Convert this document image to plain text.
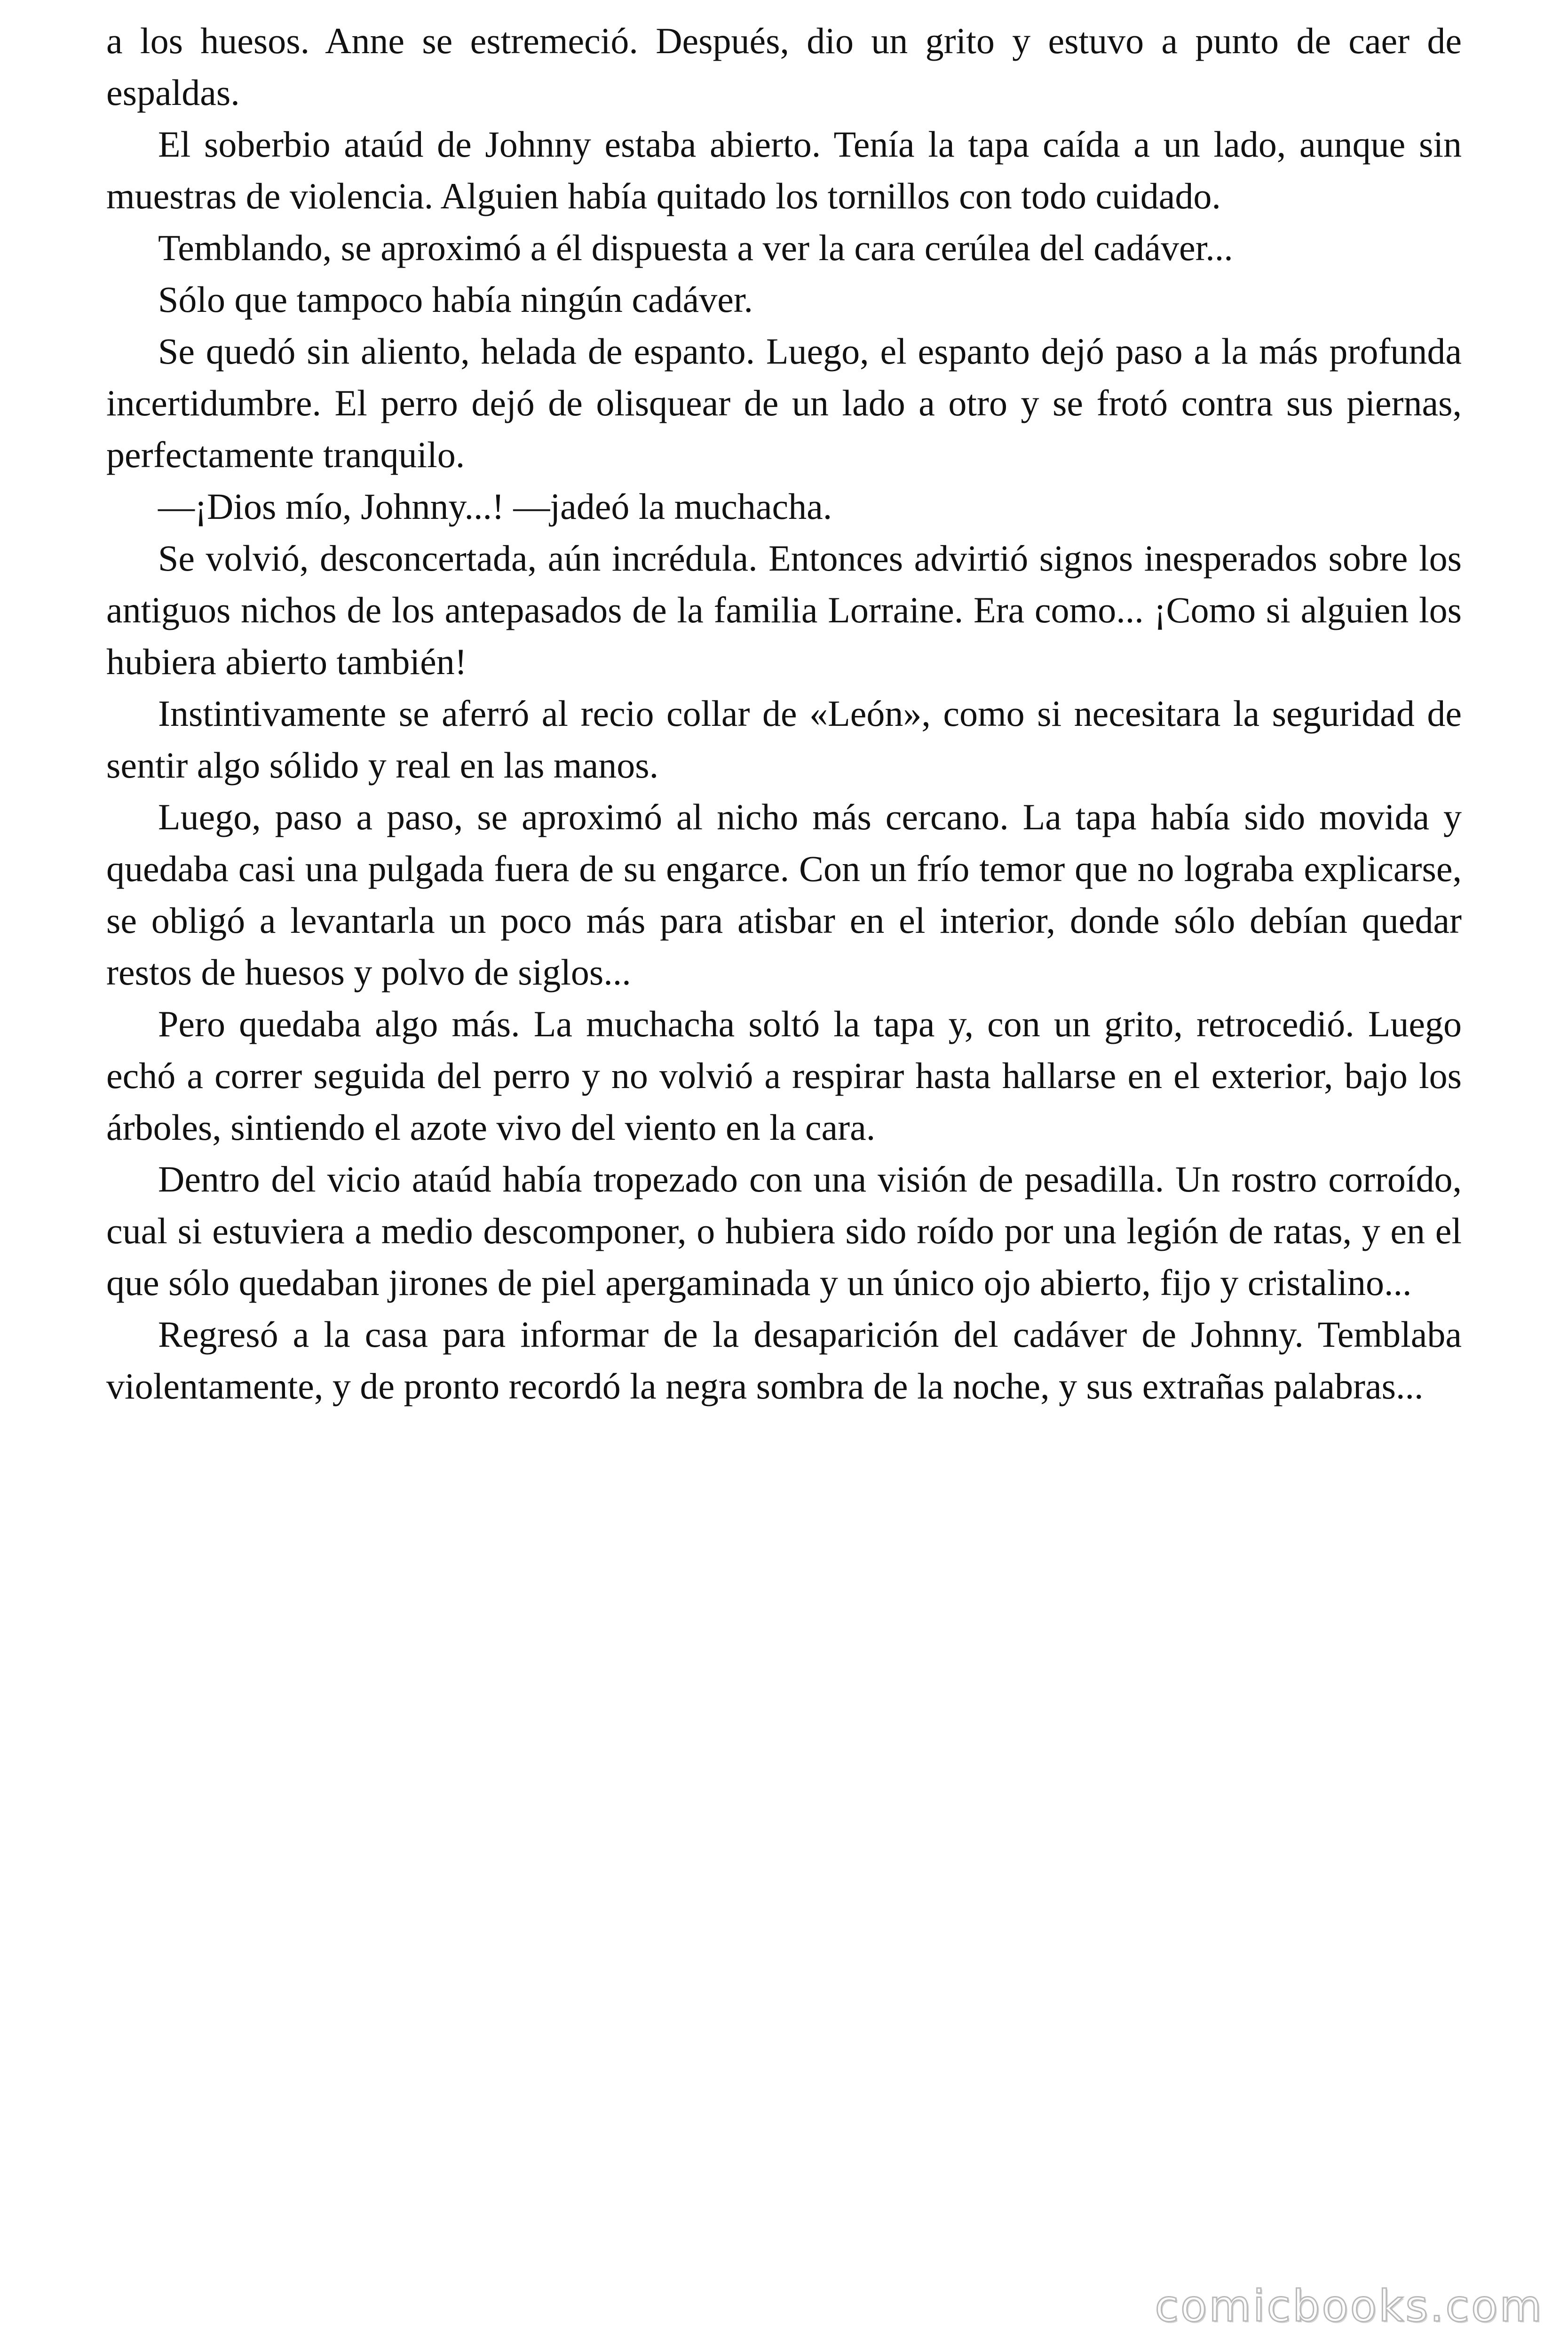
a los huesos. Anne se estremeció. Después, dio un grito y estuvo a punto de caer de espaldas.

El soberbio ataúd de Johnny estaba abierto. Tenía la tapa caída a un lado, aunque sin muestras de violencia. Alguien había quitado los tornillos con todo cuidado.

Temblando, se aproximó a él dispuesta a ver la cara cerúlea del cadáver...

Sólo que tampoco había ningún cadáver.

Se quedó sin aliento, helada de espanto. Luego, el espanto dejó paso a la más profunda incertidumbre. El perro dejó de olisquear de un lado a otro y se frotó contra sus piernas, perfectamente tranquilo.

—¡Dios mío, Johnny...! —jadeó la muchacha.

Se volvió, desconcertada, aún incrédula. Entonces advirtió signos inesperados sobre los antiguos nichos de los antepasados de la familia Lorraine. Era como... ¡Como si alguien los hubiera abierto también!

Instintivamente se aferró al recio collar de «León», como si necesitara la seguridad de sentir algo sólido y real en las manos.

Luego, paso a paso, se aproximó al nicho más cercano. La tapa había sido movida y quedaba casi una pulgada fuera de su engarce. Con un frío temor que no lograba explicarse, se obligó a levantarla un poco más para atisbar en el interior, donde sólo debían quedar restos de huesos y polvo de siglos...

Pero quedaba algo más. La muchacha soltó la tapa y, con un grito, retrocedió. Luego echó a correr seguida del perro y no volvió a respirar hasta hallarse en el exterior, bajo los árboles, sintiendo el azote vivo del viento en la cara.

Dentro del vicio ataúd había tropezado con una visión de pesadilla. Un rostro corroído, cual si estuviera a medio descomponer, o hubiera sido roído por una legión de ratas, y en el que sólo quedaban jirones de piel apergaminada y un único ojo abierto, fijo y cristalino...

Regresó a la casa para informar de la desaparición del cadáver de Johnny. Temblaba violentamente, y de pronto recordó la negra sombra de la noche, y sus extrañas palabras...

comicbooks.com
